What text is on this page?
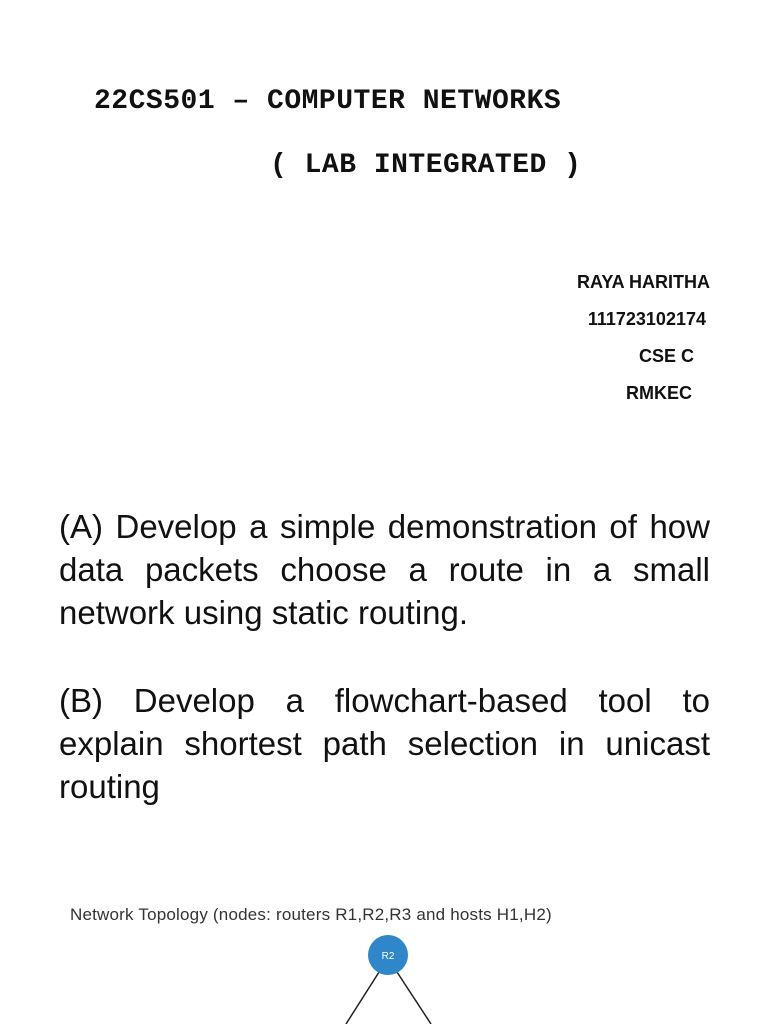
22CS501 – COMPUTER NETWORKS
( LAB INTEGRATED )
RAYA HARITHA
111723102174
CSE C
RMKEC

(A) Develop a simple demonstration of how data packets choose a route in a small network using static routing.

(B) Develop a flowchart-based tool to explain shortest path selection in unicast routing

Network Topology (nodes: routers R1,R2,R3 and hosts H1,H2)
R2
